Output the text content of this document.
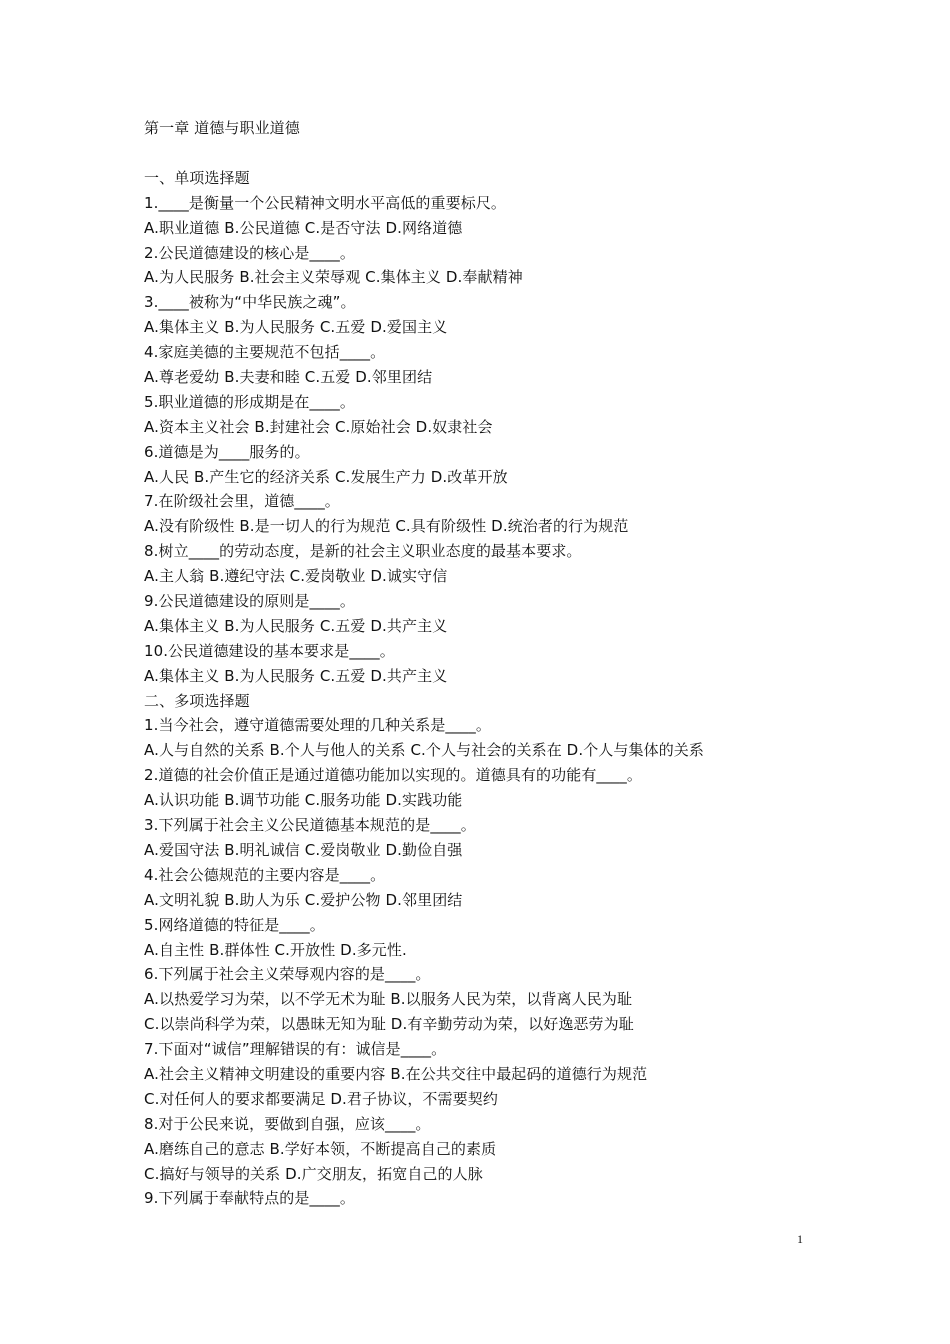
第一章 道德与职业道德
一、单项选择题
1.____是衡量一个公民精神文明水平高低的重要标尺。
A.职业道德 B.公民道德 C.是否守法 D.网络道德
2.公民道德建设的核心是____。
A.为人民服务 B.社会主义荣辱观 C.集体主义 D.奉献精神
3.____被称为“中华民族之魂”。
A.集体主义 B.为人民服务 C.五爱 D.爱国主义
4.家庭美德的主要规范不包括____。
A.尊老爱幼 B.夫妻和睦 C.五爱 D.邻里团结
5.职业道德的形成期是在____。
A.资本主义社会 B.封建社会 C.原始社会 D.奴隶社会
6.道德是为____服务的。
A.人民 B.产生它的经济关系 C.发展生产力 D.改革开放
7.在阶级社会里，道德____。
A.没有阶级性 B.是一切人的行为规范 C.具有阶级性 D.统治者的行为规范
8.树立____的劳动态度，是新的社会主义职业态度的最基本要求。
A.主人翁 B.遵纪守法 C.爱岗敬业 D.诚实守信
9.公民道德建设的原则是____。
A.集体主义 B.为人民服务 C.五爱 D.共产主义
10.公民道德建设的基本要求是____。
A.集体主义 B.为人民服务 C.五爱 D.共产主义
二、多项选择题
1.当今社会，遵守道德需要处理的几种关系是____。
A.人与自然的关系 B.个人与他人的关系 C.个人与社会的关系在 D.个人与集体的关系
2.道德的社会价值正是通过道德功能加以实现的。道德具有的功能有____。
A.认识功能 B.调节功能 C.服务功能 D.实践功能
3.下列属于社会主义公民道德基本规范的是____。
A.爱国守法 B.明礼诚信 C.爱岗敬业 D.勤俭自强
4.社会公德规范的主要内容是____。
A.文明礼貌 B.助人为乐 C.爱护公物 D.邻里团结
5.网络道德的特征是____。
A.自主性 B.群体性 C.开放性 D.多元性.
6.下列属于社会主义荣辱观内容的是____。
A.以热爱学习为荣，以不学无术为耻 B.以服务人民为荣，以背离人民为耻
C.以崇尚科学为荣，以愚昧无知为耻 D.有辛勤劳动为荣，以好逸恶劳为耻
7.下面对“诚信”理解错误的有：诚信是____。
A.社会主义精神文明建设的重要内容 B.在公共交往中最起码的道德行为规范
C.对任何人的要求都要满足 D.君子协议，不需要契约
8.对于公民来说，要做到自强，应该____。
A.磨练自己的意志 B.学好本领，不断提高自己的素质
C.搞好与领导的关系 D.广交朋友，拓宽自己的人脉
9.下列属于奉献特点的是____。
1
